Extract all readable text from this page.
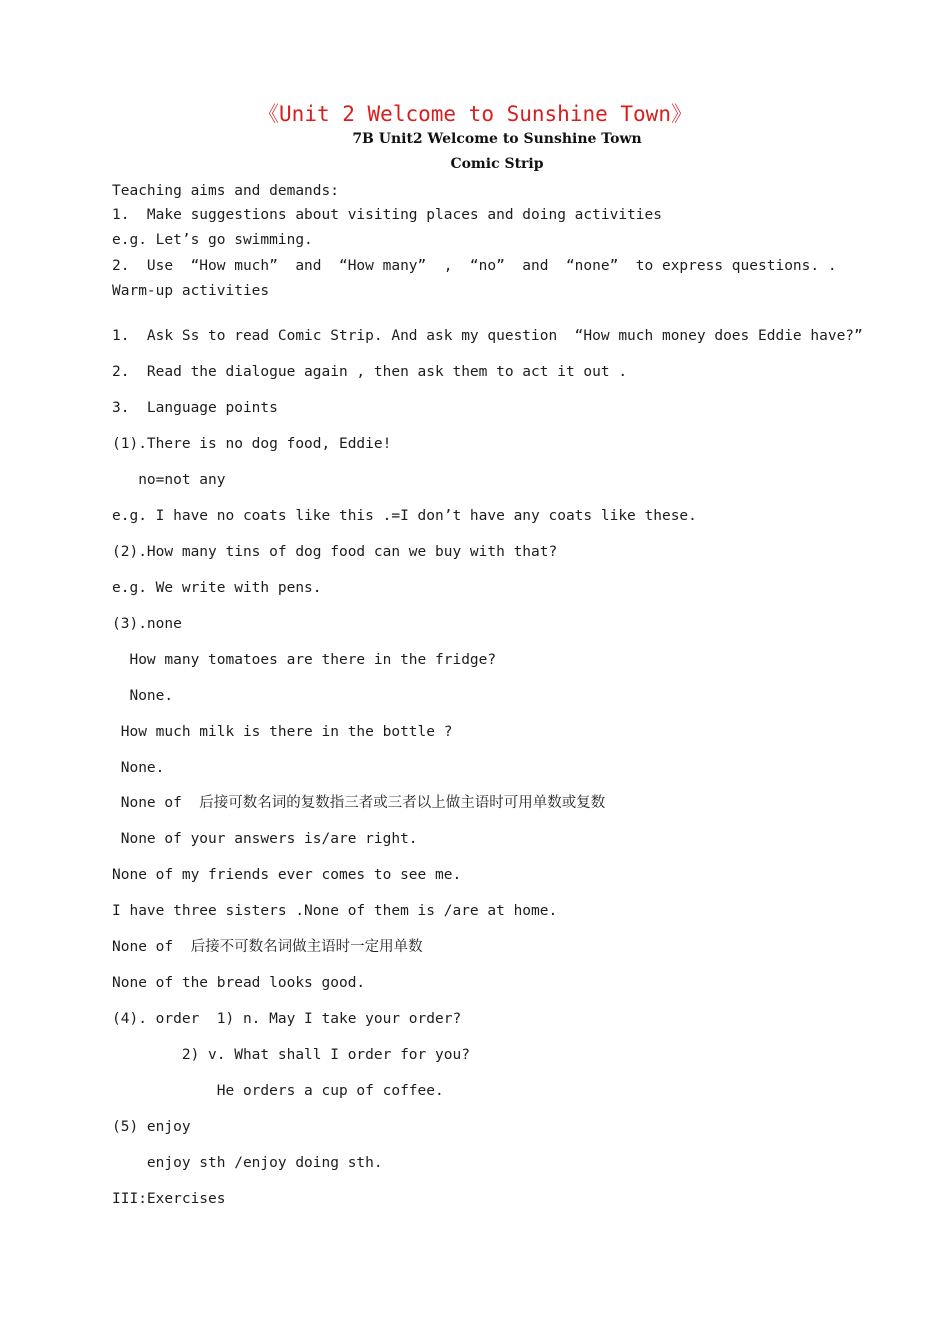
《Unit 2 Welcome to Sunshine Town》
7B Unit2 Welcome to Sunshine Town
Comic Strip
Teaching aims and demands:
1.  Make suggestions about visiting places and doing activities
e.g. Let’s go swimming.
2.  Use  “How much”  and  “How many”  ,  “no”  and  “none”  to express questions. .
Warm-up activities
1.  Ask Ss to read Comic Strip. And ask my question  “How much money does Eddie have?”
2.  Read the dialogue again , then ask them to act it out .
3.  Language points
(1).There is no dog food, Eddie!
no=not any
e.g. I have no coats like this .=I don’t have any coats like these.
(2).How many tins of dog food can we buy with that?
e.g. We write with pens.
(3).none
How many tomatoes are there in the fridge?
None.
How much milk is there in the bottle ?
None.
None of  后接可数名词的复数指三者或三者以上做主语时可用单数或复数
None of your answers is/are right.
None of my friends ever comes to see me.
I have three sisters .None of them is /are at home.
None of  后接不可数名词做主语时一定用单数
None of the bread looks good.
(4). order  1) n. May I take your order?
2) v. What shall I order for you?
He orders a cup of coffee.
(5) enjoy
enjoy sth /enjoy doing sth.
III:Exercises
